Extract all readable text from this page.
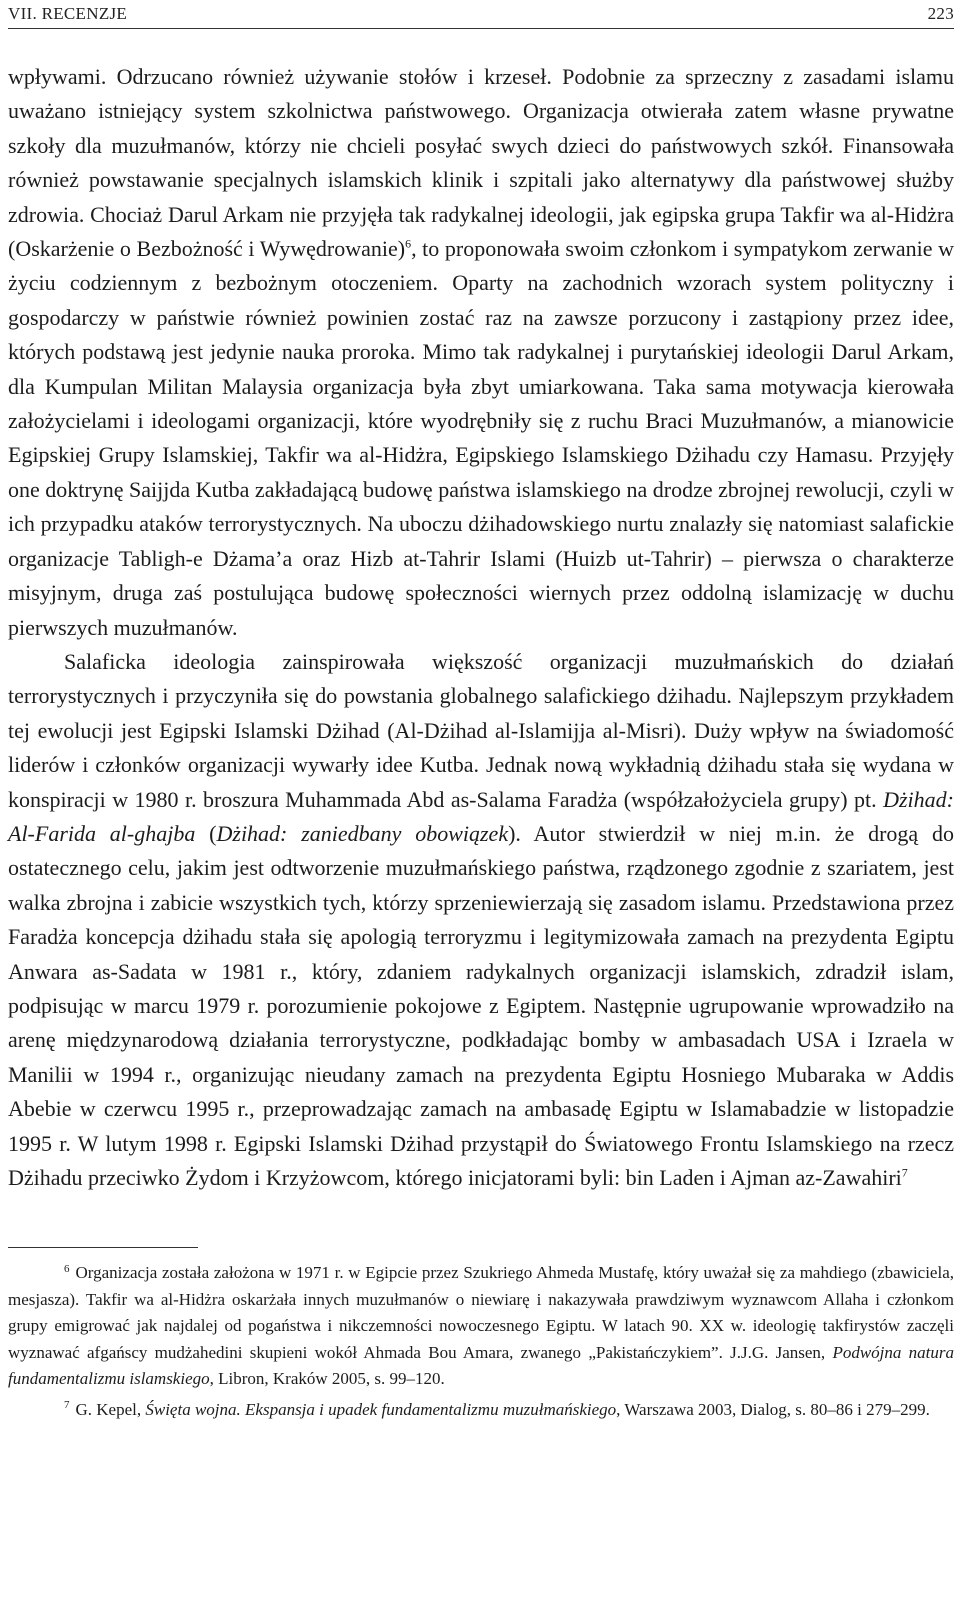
VII. RECENZJE	223

wpływami. Odrzucano również używanie stołów i krzeseł. Podobnie za sprzeczny z zasadami islamu uważano istniejący system szkolnictwa państwowego. Organizacja otwierała zatem własne prywatne szkoły dla muzułmanów, którzy nie chcieli posyłać swych dzieci do państwowych szkół. Finansowała również powstawanie specjalnych islamskich klinik i szpitali jako alternatywy dla państwowej służby zdrowia. Chociaż Darul Arkam nie przyjęła tak radykalnej ideologii, jak egipska grupa Takfir wa al-Hidżra (Oskarżenie o Bezbożność i Wywędrowanie)$^6$, to proponowała swoim członkom i sympatykom zerwanie w życiu codziennym z bezbożnym otoczeniem. Oparty na zachodnich wzorach system polityczny i gospodarczy w państwie również powinien zostać raz na zawsze porzucony i zastąpiony przez idee, których podstawą jest jedynie nauka proroka. Mimo tak radykalnej i purytańskiej ideologii Darul Arkam, dla Kumpulan Militan Malaysia organizacja była zbyt umiarkowana. Taka sama motywacja kierowała założycielami i ideologami organizacji, które wyodrębniły się z ruchu Braci Muzułmanów, a mianowicie Egipskiej Grupy Islamskiej, Takfir wa al-Hidżra, Egipskiego Islamskiego Dżihadu czy Hamasu. Przyjęły one doktrynę Saijjda Kutba zakładającą budowę państwa islamskiego na drodze zbrojnej rewolucji, czyli w ich przypadku ataków terrorystycznych. Na uboczu dżihadowskiego nurtu znalazły się natomiast salafickie organizacje Tabligh-e Dżama’a oraz Hizb at-Tahrir Islami (Huizb ut-Tahrir) – pierwsza o charakterze misyjnym, druga zaś postulująca budowę społeczności wiernych przez oddolną islamizację w duchu pierwszych muzułmanów.

Salaficka ideologia zainspirowała większość organizacji muzułmańskich do działań terrorystycznych i przyczyniła się do powstania globalnego salafickiego dżihadu. Najlepszym przykładem tej ewolucji jest Egipski Islamski Dżihad (Al-Dżihad al-Islamijja al-Misri). Duży wpływ na świadomość liderów i członków organizacji wywarły idee Kutba. Jednak nową wykładnią dżihadu stała się wydana w konspiracji w 1980 r. broszura Muhammada Abd as-Salama Faradża (współzałożyciela grupy) pt. Dżihad: Al-Farida al-ghajba (Dżihad: zaniedbany obowiązek). Autor stwierdził w niej m.in. że drogą do ostatecznego celu, jakim jest odtworzenie muzułmańskiego państwa, rządzonego zgodnie z szariatem, jest walka zbrojna i zabicie wszystkich tych, którzy sprzeniewierzają się zasadom islamu. Przedstawiona przez Faradża koncepcja dżihadu stała się apologią terroryzmu i legitymizowała zamach na prezydenta Egiptu Anwara as-Sadata w 1981 r., który, zdaniem radykalnych organizacji islamskich, zdradził islam, podpisując w marcu 1979 r. porozumienie pokojowe z Egiptem. Następnie ugrupowanie wprowadziło na arenę międzynarodową działania terrorystyczne, podkładając bomby w ambasadach USA i Izraela w Manilii w 1994 r., organizując nieudany zamach na prezydenta Egiptu Hosniego Mubaraka w Addis Abebie w czerwcu 1995 r., przeprowadzając zamach na ambasadę Egiptu w Islamabadzie w listopadzie 1995 r. W lutym 1998 r. Egipski Islamski Dżihad przystąpił do Światowego Frontu Islamskiego na rzecz Dżihadu przeciwko Żydom i Krzyżowcom, którego inicjatorami byli: bin Laden i Ajman az-Zawahiri$^7$

$^6$ Organizacja została założona w 1971 r. w Egipcie przez Szukriego Ahmeda Mustafę, który uważał się za mahdiego (zbawiciela, mesjasza). Takfir wa al-Hidżra oskarżała innych muzułmanów o niewiarę i nakazywała prawdziwym wyznawcom Allaha i członkom grupy emigrować jak najdalej od pogaństwa i nikczemności nowoczesnego Egiptu. W latach 90. XX w. ideologię takfirystów zaczęli wyznawać afgańscy mudżahedini skupieni wokół Ahmada Bou Amara, zwanego „Pakistańczykiem”. J.J.G. Jansen, Podwójna natura fundamentalizmu islamskiego, Libron, Kraków 2005, s. 99–120.

$^7$ G. Kepel, Święta wojna. Ekspansja i upadek fundamentalizmu muzułmańskiego, Warszawa 2003, Dialog, s. 80–86 i 279–299.
